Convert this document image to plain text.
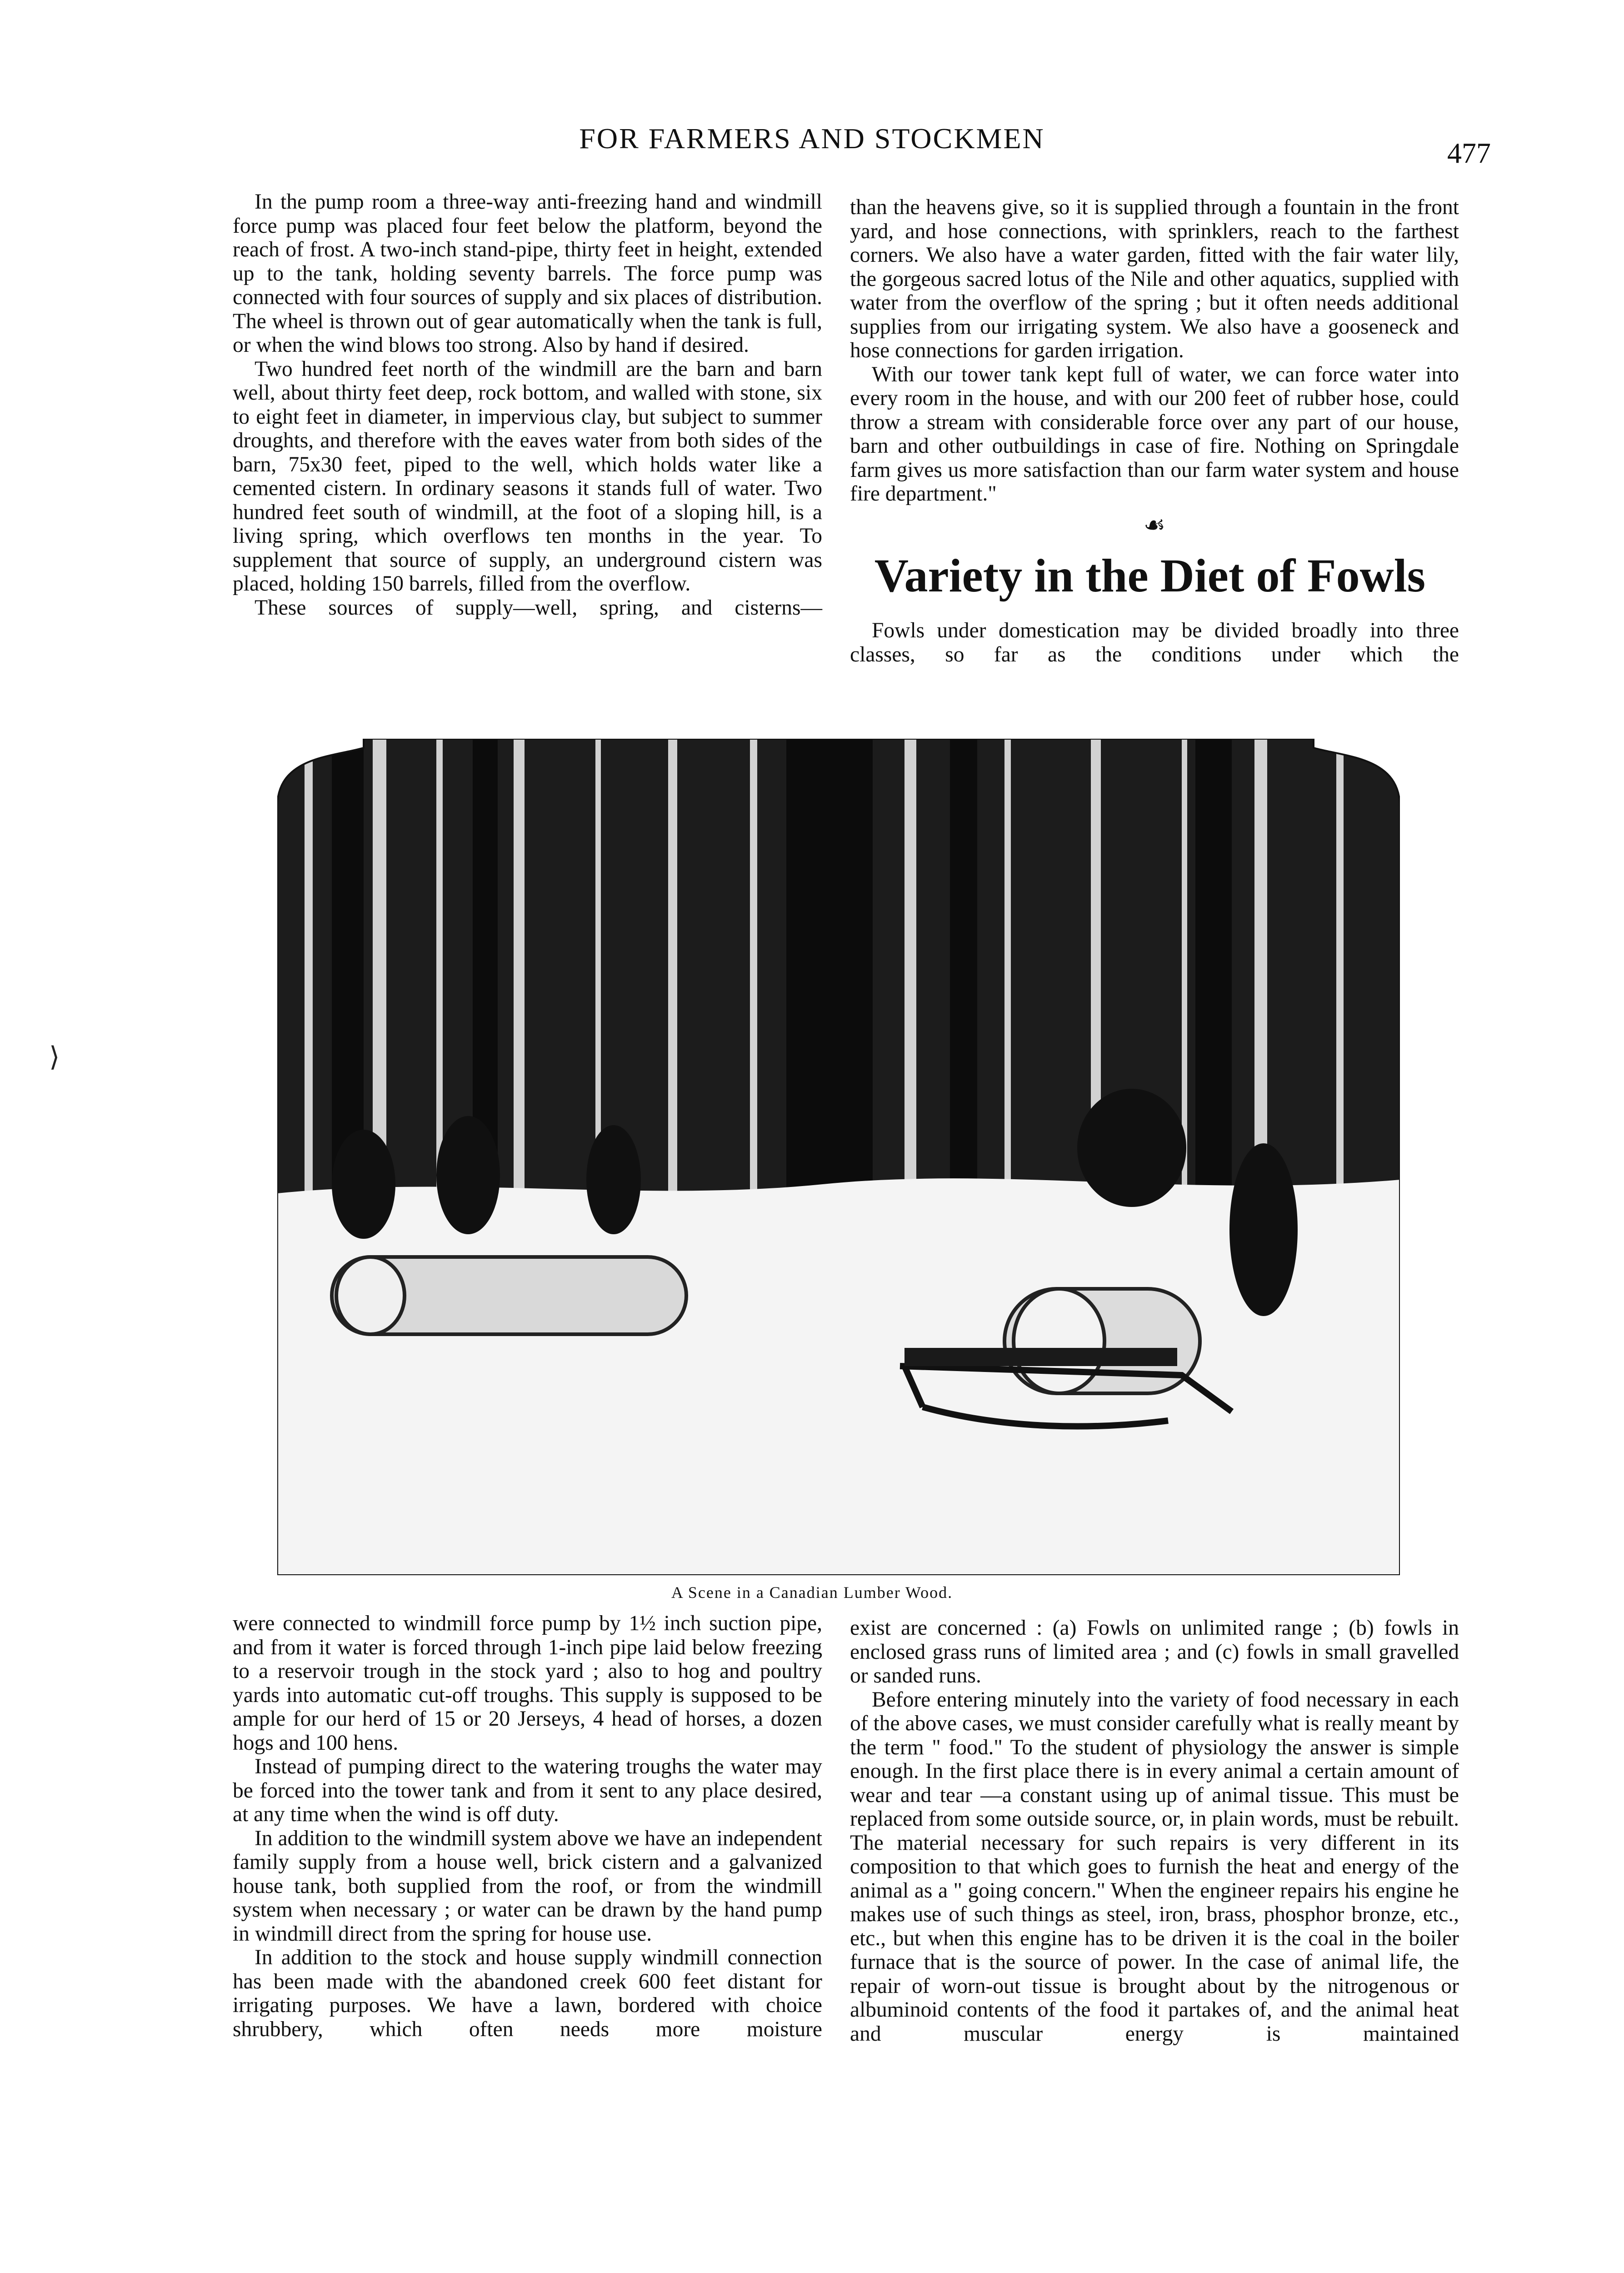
FOR FARMERS AND STOCKMEN	477

In the pump room a three-way anti-freezing hand and windmill force pump was placed four feet below the platform, beyond the reach of frost. A two-inch stand-pipe, thirty feet in height, extended up to the tank, holding seventy barrels. The force pump was connected with four sources of supply and six places of distribution. The wheel is thrown out of gear automatically when the tank is full, or when the wind blows too strong. Also by hand if desired.

Two hundred feet north of the windmill are the barn and barn well, about thirty feet deep, rock bottom, and walled with stone, six to eight feet in diameter, in impervious clay, but subject to summer droughts, and therefore with the eaves water from both sides of the barn, 75x30 feet, piped to the well, which holds water like a cemented cistern. In ordinary seasons it stands full of water. Two hundred feet south of windmill, at the foot of a sloping hill, is a living spring, which overflows ten months in the year. To supplement that source of supply, an underground cistern was placed, holding 150 barrels, filled from the overflow.

These sources of supply—well, spring, and cisterns—

than the heavens give, so it is supplied through a fountain in the front yard, and hose connections, with sprinklers, reach to the farthest corners. We also have a water garden, fitted with the fair water lily, the gorgeous sacred lotus of the Nile and other aquatics, supplied with water from the overflow of the spring ; but it often needs additional supplies from our irrigating system. We also have a gooseneck and hose connections for garden irrigation.

With our tower tank kept full of water, we can force water into every room in the house, and with our 200 feet of rubber hose, could throw a stream with considerable force over any part of our house, barn and other outbuildings in case of fire. Nothing on Springdale farm gives us more satisfaction than our farm water system and house fire department."

☙
Variety in the Diet of Fowls

Fowls under domestication may be divided broadly into three classes, so far as the conditions under which the

A Scene in a Canadian Lumber Wood.

were connected to windmill force pump by 1½ inch suction pipe, and from it water is forced through 1-inch pipe laid below freezing to a reservoir trough in the stock yard ; also to hog and poultry yards into automatic cut-off troughs. This supply is supposed to be ample for our herd of 15 or 20 Jerseys, 4 head of horses, a dozen hogs and 100 hens.

Instead of pumping direct to the watering troughs the water may be forced into the tower tank and from it sent to any place desired, at any time when the wind is off duty.

In addition to the windmill system above we have an independent family supply from a house well, brick cistern and a galvanized house tank, both supplied from the roof, or from the windmill system when necessary ; or water can be drawn by the hand pump in windmill direct from the spring for house use.

In addition to the stock and house supply windmill connection has been made with the abandoned creek 600 feet distant for irrigating purposes. We have a lawn, bordered with choice shrubbery, which often needs more moisture

exist are concerned : (a) Fowls on unlimited range ; (b) fowls in enclosed grass runs of limited area ; and (c) fowls in small gravelled or sanded runs.

Before entering minutely into the variety of food necessary in each of the above cases, we must consider carefully what is really meant by the term " food." To the student of physiology the answer is simple enough. In the first place there is in every animal a certain amount of wear and tear —a constant using up of animal tissue. This must be replaced from some outside source, or, in plain words, must be rebuilt. The material necessary for such repairs is very different in its composition to that which goes to furnish the heat and energy of the animal as a " going concern." When the engineer repairs his engine he makes use of such things as steel, iron, brass, phosphor bronze, etc., etc., but when this engine has to be driven it is the coal in the boiler furnace that is the source of power. In the case of animal life, the repair of worn-out tissue is brought about by the nitrogenous or albuminoid contents of the food it partakes of, and the animal heat and muscular energy is maintained

⟩
